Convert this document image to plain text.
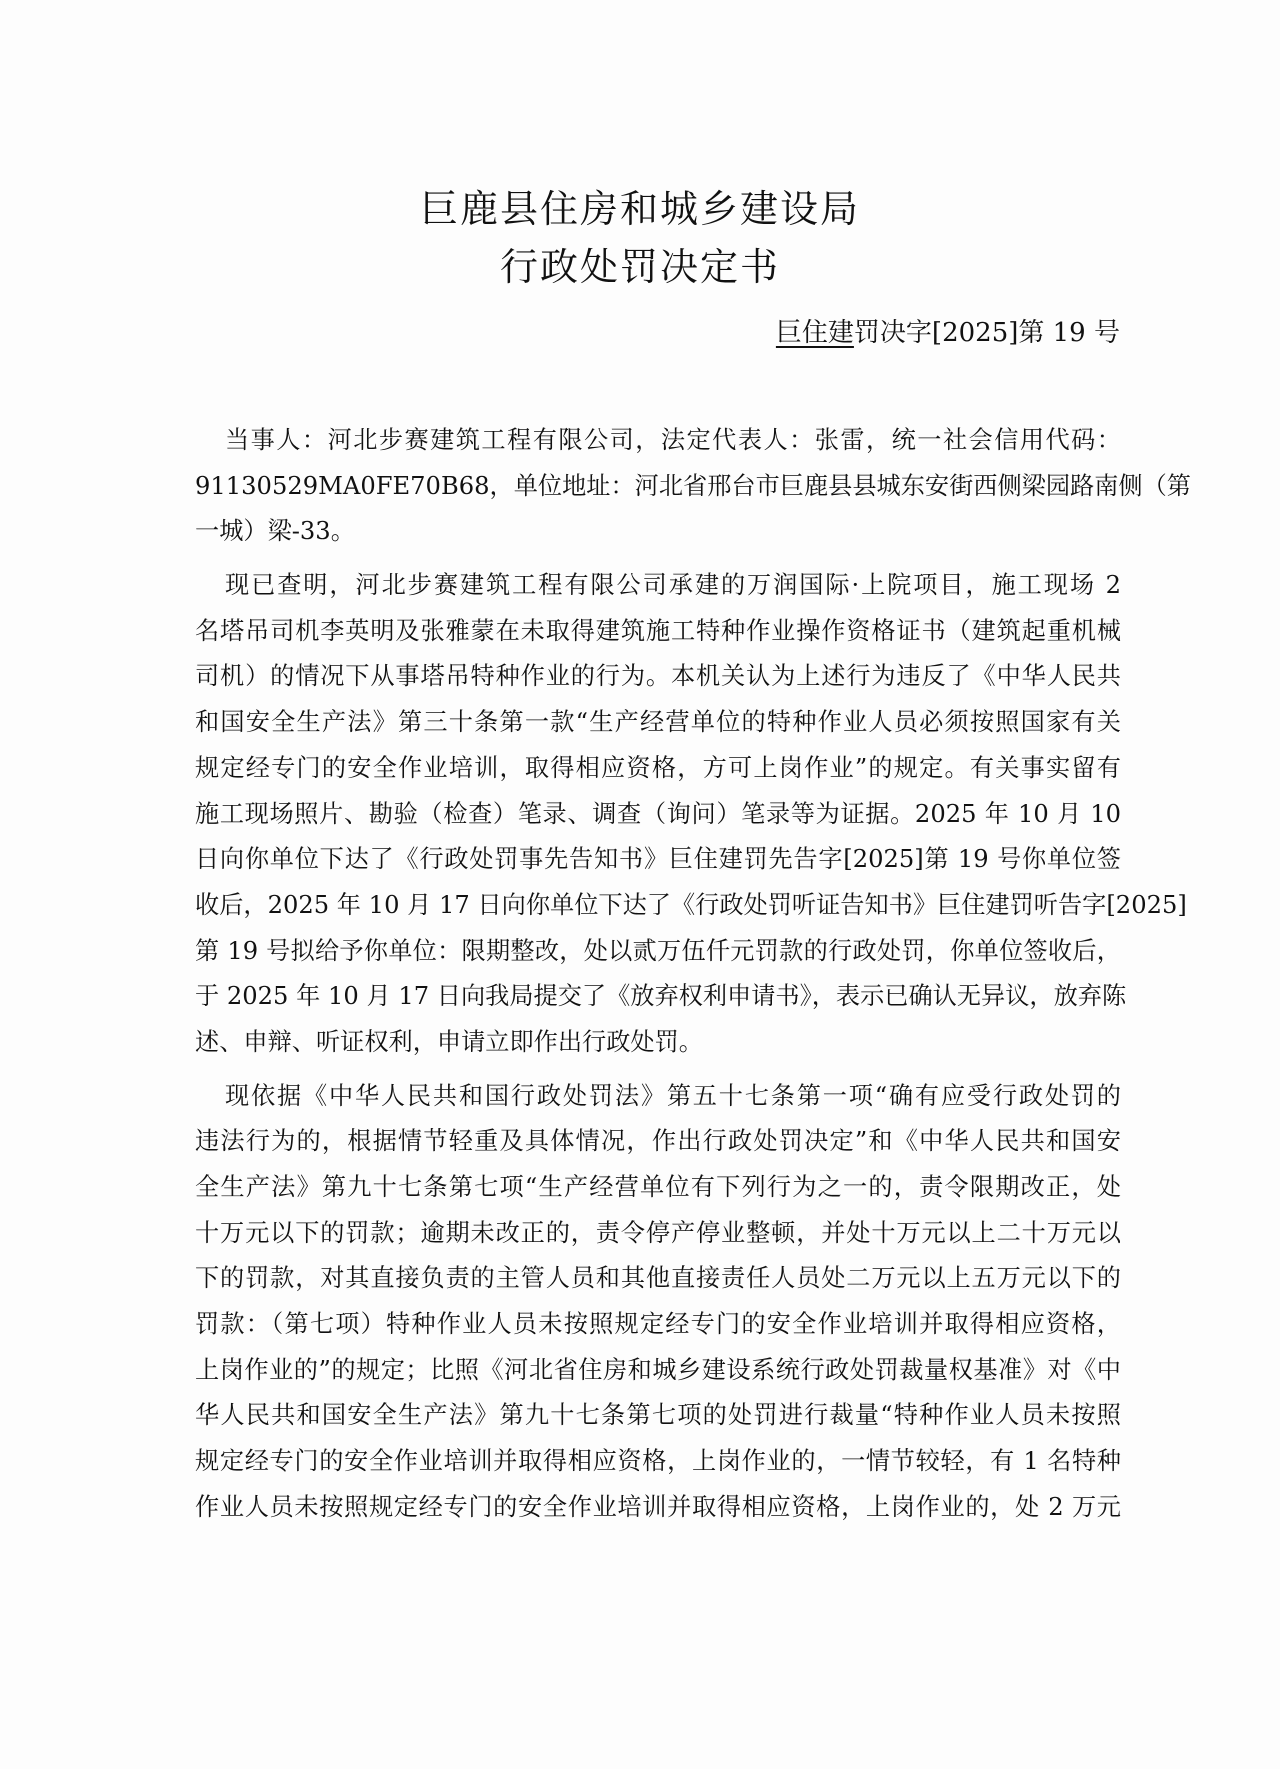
巨鹿县住房和城乡建设局
行政处罚决定书

巨住建罚决字[2025]第 19 号

当事人：河北步赛建筑工程有限公司，法定代表人：张雷，统一社会信用代码：
91130529MA0FE70B68，单位地址：河北省邢台市巨鹿县县城东安街西侧梁园路南侧（第
一城）梁-33。
现已查明，河北步赛建筑工程有限公司承建的万润国际·上院项目，施工现场 2
名塔吊司机李英明及张雅蒙在未取得建筑施工特种作业操作资格证书（建筑起重机械
司机）的情况下从事塔吊特种作业的行为。本机关认为上述行为违反了《中华人民共
和国安全生产法》第三十条第一款“生产经营单位的特种作业人员必须按照国家有关
规定经专门的安全作业培训，取得相应资格，方可上岗作业”的规定。有关事实留有
施工现场照片、勘验（检查）笔录、调查（询问）笔录等为证据。2025 年 10 月 10
日向你单位下达了《行政处罚事先告知书》巨住建罚先告字[2025]第 19 号你单位签
收后，2025 年 10 月 17 日向你单位下达了《行政处罚听证告知书》巨住建罚听告字[2025]
第 19 号拟给予你单位：限期整改，处以贰万伍仟元罚款的行政处罚，你单位签收后，
于 2025 年 10 月 17 日向我局提交了《放弃权利申请书》，表示已确认无异议，放弃陈
述、申辩、听证权利，申请立即作出行政处罚。
现依据《中华人民共和国行政处罚法》第五十七条第一项“确有应受行政处罚的
违法行为的，根据情节轻重及具体情况，作出行政处罚决定”和《中华人民共和国安
全生产法》第九十七条第七项“生产经营单位有下列行为之一的，责令限期改正，处
十万元以下的罚款；逾期未改正的，责令停产停业整顿，并处十万元以上二十万元以
下的罚款，对其直接负责的主管人员和其他直接责任人员处二万元以上五万元以下的
罚款：（第七项）特种作业人员未按照规定经专门的安全作业培训并取得相应资格，
上岗作业的”的规定；比照《河北省住房和城乡建设系统行政处罚裁量权基准》对《中
华人民共和国安全生产法》第九十七条第七项的处罚进行裁量“特种作业人员未按照
规定经专门的安全作业培训并取得相应资格，上岗作业的，一情节较轻，有 1 名特种
作业人员未按照规定经专门的安全作业培训并取得相应资格，上岗作业的，处 2 万元
